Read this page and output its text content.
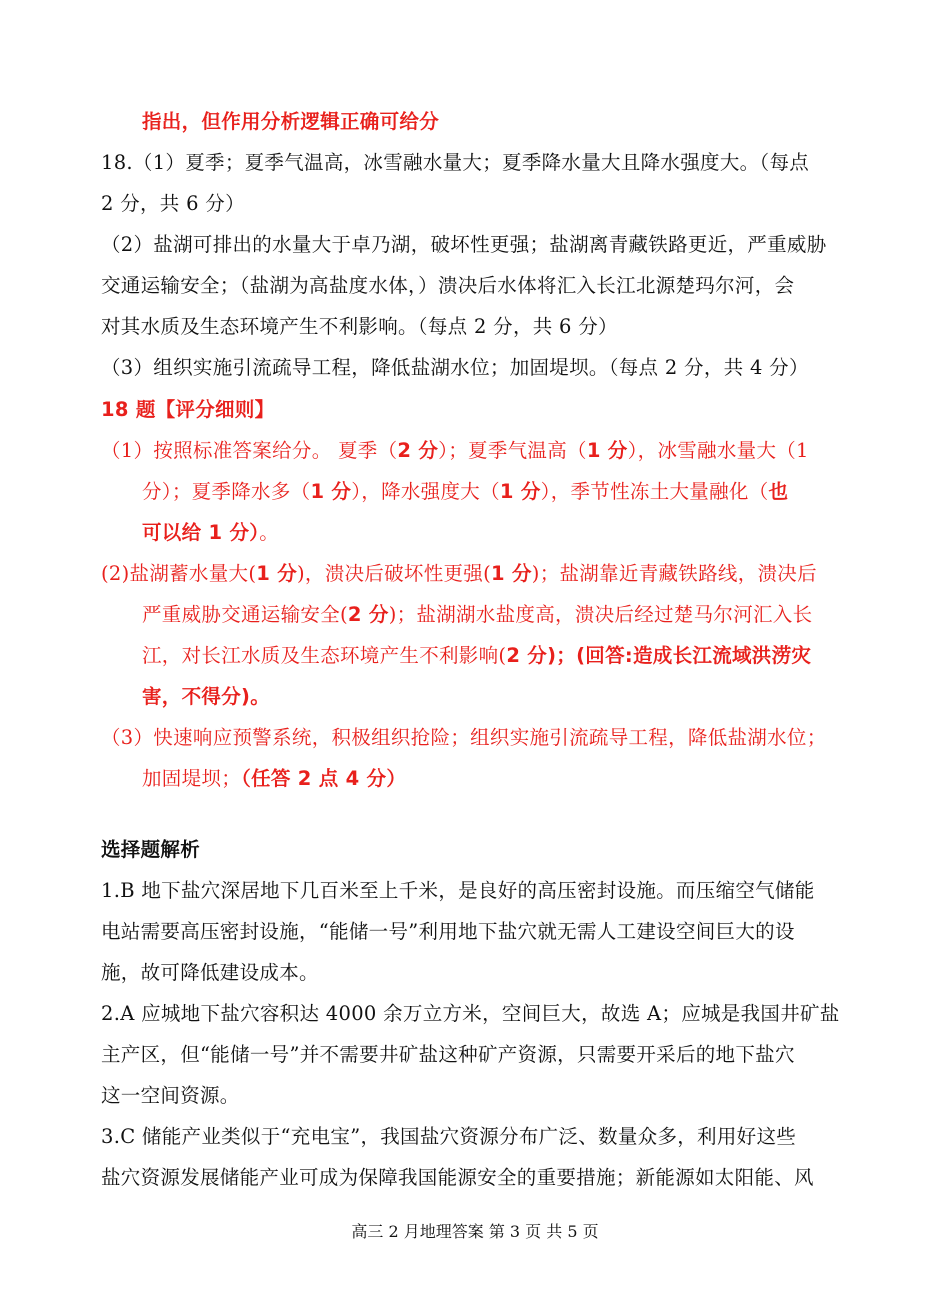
指出，但作用分析逻辑正确可给分
18.（1）夏季；夏季气温高，冰雪融水量大；夏季降水量大且降水强度大。（每点
2 分，共 6 分）
（2）盐湖可排出的水量大于卓乃湖，破坏性更强；盐湖离青藏铁路更近，严重威胁
交通运输安全；（盐湖为高盐度水体，）溃决后水体将汇入长江北源楚玛尔河，会
对其水质及生态环境产生不利影响。（每点 2 分，共 6 分）
（3）组织实施引流疏导工程，降低盐湖水位；加固堤坝。（每点 2 分，共 4 分）
18 题【评分细则】
（1）按照标准答案给分。 夏季（2 分）；夏季气温高（1 分），冰雪融水量大（1
分）；夏季降水多（1 分），降水强度大（1 分），季节性冻土大量融化（也
可以给 1 分）。
(2)盐湖蓄水量大(1 分)，溃决后破坏性更强(1 分)；盐湖靠近青藏铁路线，溃决后
严重威胁交通运输安全(2 分)；盐湖湖水盐度高，溃决后经过楚马尔河汇入长
江，对长江水质及生态环境产生不利影响(2 分)；(回答:造成长江流域洪涝灾
害，不得分)。
（3）快速响应预警系统，积极组织抢险；组织实施引流疏导工程，降低盐湖水位；
加固堤坝；（任答 2 点 4 分）
选择题解析
1.B 地下盐穴深居地下几百米至上千米，是良好的高压密封设施。而压缩空气储能
电站需要高压密封设施，“能储一号”利用地下盐穴就无需人工建设空间巨大的设
施，故可降低建设成本。
2.A 应城地下盐穴容积达 4000 余万立方米，空间巨大，故选 A；应城是我国井矿盐
主产区，但“能储一号”并不需要井矿盐这种矿产资源，只需要开采后的地下盐穴
这一空间资源。
3.C 储能产业类似于“充电宝”，我国盐穴资源分布广泛、数量众多，利用好这些
盐穴资源发展储能产业可成为保障我国能源安全的重要措施；新能源如太阳能、风
高三 2 月地理答案 第 3 页 共 5 页
